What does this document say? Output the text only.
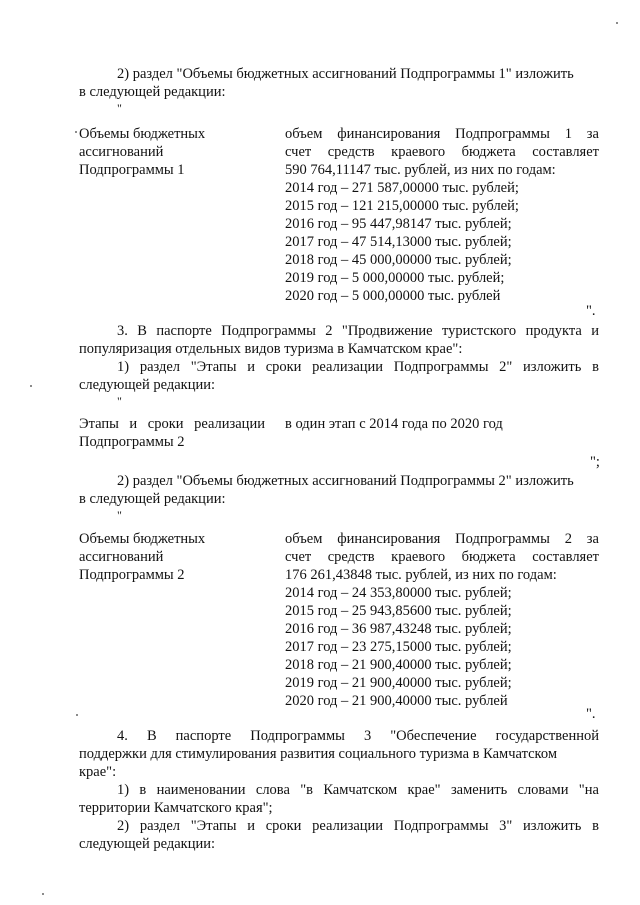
2) раздел "Объемы бюджетных ассигнований Подпрограммы 1" изложить
в следующей редакции:
"
Объемы бюджетных
ассигнований
Подпрограммы 1
объем финансирования Подпрограммы 1 за
счет средств краевого бюджета составляет
590 764,11147 тыс. рублей, из них по годам:
2014 год – 271 587,00000 тыс. рублей;
2015 год – 121 215,00000 тыс. рублей;
2016 год – 95 447,98147 тыс. рублей;
2017 год – 47 514,13000 тыс. рублей;
2018 год – 45 000,00000 тыс. рублей;
2019 год – 5 000,00000 тыс. рублей;
2020 год – 5 000,00000 тыс. рублей
".
3. В паспорте Подпрограммы 2 "Продвижение туристского продукта и
популяризация отдельных видов туризма в Камчатском крае":
1) раздел "Этапы и сроки реализации Подпрограммы 2" изложить в
следующей редакции:
"
Этапы и сроки реализации
Подпрограммы 2
в один этап с 2014 года по 2020 год
";
2) раздел "Объемы бюджетных ассигнований Подпрограммы 2" изложить
в следующей редакции:
"
Объемы бюджетных
ассигнований
Подпрограммы 2
объем финансирования Подпрограммы 2 за
счет средств краевого бюджета составляет
176 261,43848 тыс. рублей, из них по годам:
2014 год – 24 353,80000 тыс. рублей;
2015 год – 25 943,85600 тыс. рублей;
2016 год – 36 987,43248 тыс. рублей;
2017 год – 23 275,15000 тыс. рублей;
2018 год – 21 900,40000 тыс. рублей;
2019 год – 21 900,40000 тыс. рублей;
2020 год – 21 900,40000 тыс. рублей
".
4. В паспорте Подпрограммы 3 "Обеспечение государственной
поддержки для стимулирования развития социального туризма в Камчатском
крае":
1) в наименовании слова "в Камчатском крае" заменить словами "на
территории Камчатского края";
2) раздел "Этапы и сроки реализации Подпрограммы 3" изложить в
следующей редакции:
